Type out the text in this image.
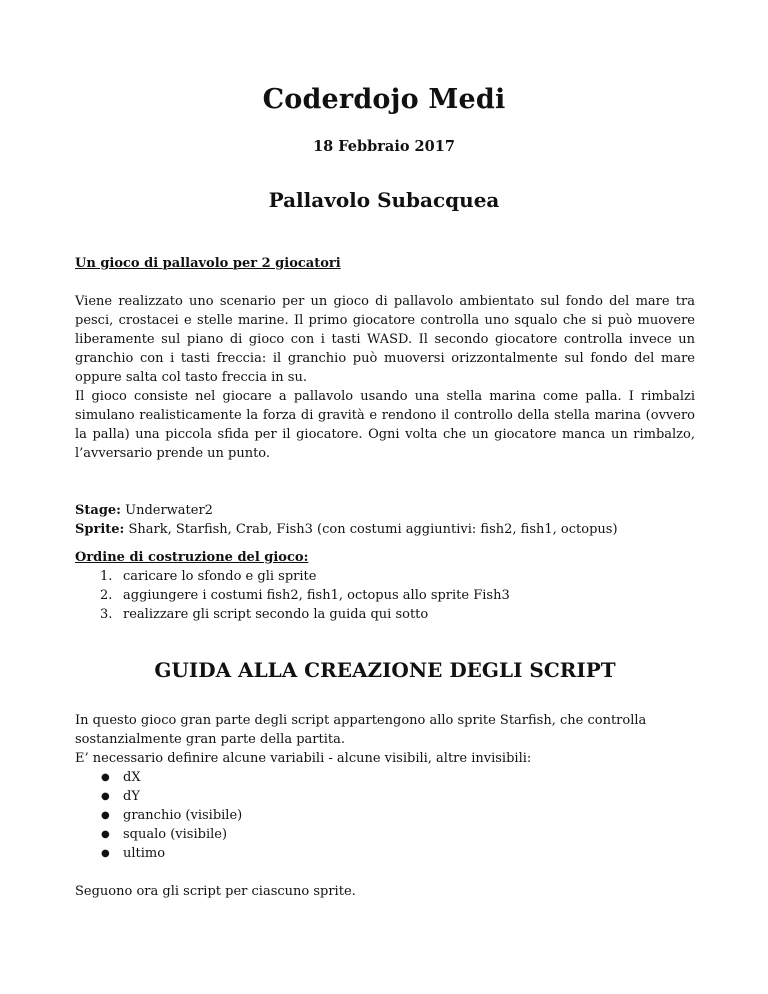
Coderdojo Medi
18 Febbraio 2017
Pallavolo Subacquea

Un gioco di pallavolo per 2 giocatori

Viene realizzato uno scenario per un gioco di pallavolo ambientato sul fondo del mare tra pesci, crostacei e stelle marine. Il primo giocatore controlla uno squalo che si può muovere liberamente sul piano di gioco con i tasti WASD. Il secondo giocatore controlla invece un granchio con i tasti freccia: il granchio può muoversi orizzontalmente sul fondo del mare oppure salta col tasto freccia in su.

Il gioco consiste nel giocare a pallavolo usando una stella marina come palla. I rimbalzi simulano realisticamente la forza di gravità e rendono il controllo della stella marina (ovvero la palla) una piccola sfida per il giocatore. Ogni volta che un giocatore manca un rimbalzo, l’avversario prende un punto.

Stage: Underwater2

Sprite: Shark, Starfish, Crab, Fish3 (con costumi aggiuntivi: fish2, fish1, octopus)

Ordine di costruzione del gioco:

1. caricare lo sfondo e gli sprite
2. aggiungere i costumi fish2, fish1, octopus allo sprite Fish3
3. realizzare gli script secondo la guida qui sotto
GUIDA ALLA CREAZIONE DEGLI SCRIPT

In questo gioco gran parte degli script appartengono allo sprite Starfish, che controlla sostanzialmente gran parte della partita.

E’ necessario definire alcune variabili - alcune visibili, altre invisibili:

● dX
● dY
● granchio (visibile)
● squalo (visibile)
● ultimo

Seguono ora gli script per ciascuno sprite.
